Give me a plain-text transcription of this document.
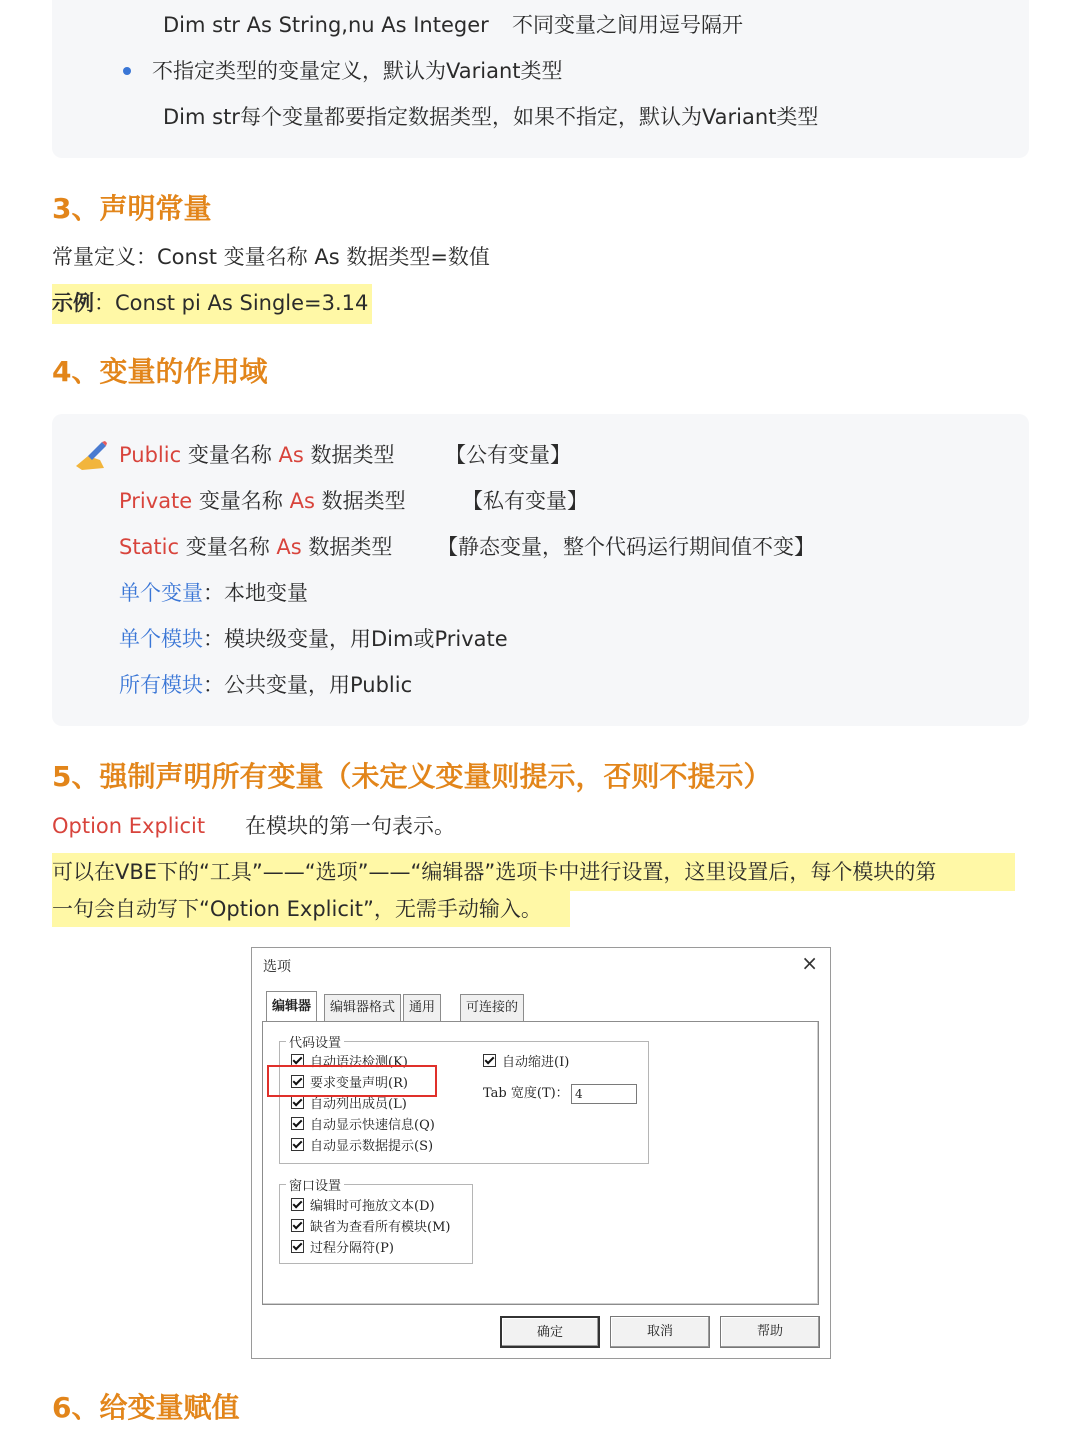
Dim str As String,nu As Integer 不同变量之间用逗号隔开
不指定类型的变量定义，默认为Variant类型
Dim str每个变量都要指定数据类型，如果不指定，默认为Variant类型
3、声明常量
常量定义：Const 变量名称 As 数据类型=数值
示例：Const pi As Single=3.14
4、变量的作用域
Public 变量名称 As 数据类型 【公有变量】
Private 变量名称 As 数据类型	【私有变量】
Static 变量名称 As 数据类型 【静态变量，整个代码运行期间值不变】
单个变量：本地变量
单个模块：模块级变量，用Dim或Private
所有模块：公共变量，用Public
5、强制声明所有变量（未定义变量则提示，否则不提示）
Option Explicit 在模块的第一句表示。
可以在VBE下的“工具”——“选项”——“编辑器”选项卡中进行设置，这里设置后，每个模块的第
一句会自动写下“Option Explicit”，无需手动输入。
选项	×
编辑器	编辑器格式	通用	可连接的
代码设置
自动语法检测(K)
要求变量声明(R)
自动列出成员(L)
自动显示快速信息(Q)
自动显示数据提示(S)
自动缩进(I)
Tab 宽度(T)： 4
窗口设置
编辑时可拖放文本(D)
缺省为查看所有模块(M)
过程分隔符(P)
确定	取消	帮助
6、给变量赋值
